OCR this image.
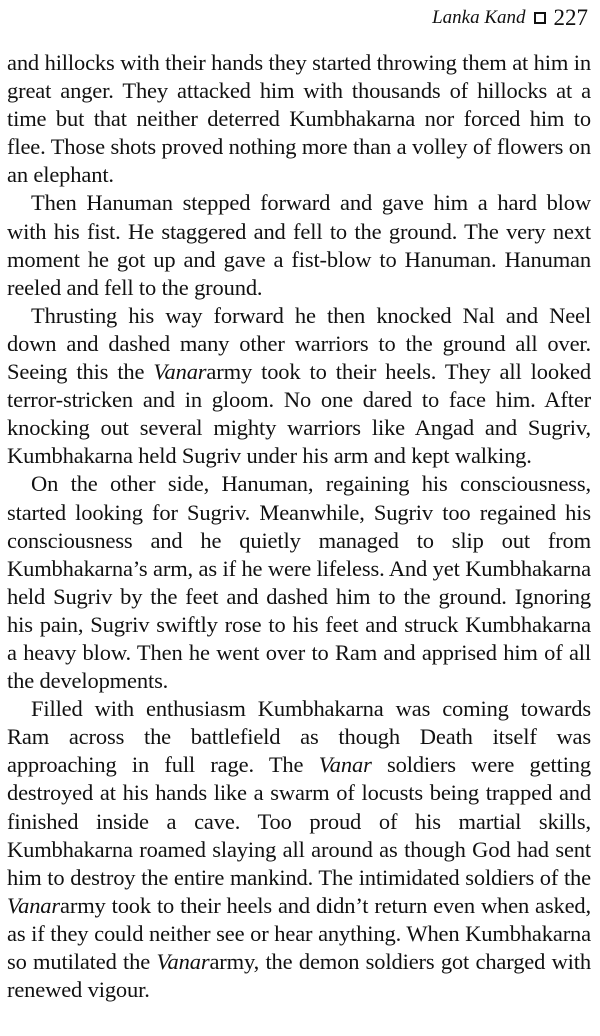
Lanka Kand 227

and hillocks with their hands they started throwing them at him in great anger. They attacked him with thousands of hillocks at a time but that neither deterred Kumbhakarna nor forced him to flee. Those shots proved nothing more than a volley of flowers on an elephant.

Then Hanuman stepped forward and gave him a hard blow with his fist. He staggered and fell to the ground. The very next moment he got up and gave a fist-blow to Hanuman. Hanuman reeled and fell to the ground.

Thrusting his way forward he then knocked Nal and Neel down and dashed many other warriors to the ground all over. Seeing this the Vanararmy took to their heels. They all looked terror-stricken and in gloom. No one dared to face him. After knocking out several mighty warriors like Angad and Sugriv, Kumbhakarna held Sugriv under his arm and kept walking.

On the other side, Hanuman, regaining his consciousness, started looking for Sugriv. Meanwhile, Sugriv too regained his consciousness and he quietly managed to slip out from Kumbhakarna’s arm, as if he were lifeless. And yet Kumbhakarna held Sugriv by the feet and dashed him to the ground. Ignoring his pain, Sugriv swiftly rose to his feet and struck Kumbhakarna a heavy blow. Then he went over to Ram and apprised him of all the developments.

Filled with enthusiasm Kumbhakarna was coming towards Ram across the battlefield as though Death itself was approaching in full rage. The Vanar soldiers were getting destroyed at his hands like a swarm of locusts being trapped and finished inside a cave. Too proud of his martial skills, Kumbhakarna roamed slaying all around as though God had sent him to destroy the entire mankind. The intimidated soldiers of the Vanararmy took to their heels and didn’t return even when asked, as if they could neither see or hear anything. When Kumbhakarna so mutilated the Vanararmy, the demon soldiers got charged with renewed vigour.
